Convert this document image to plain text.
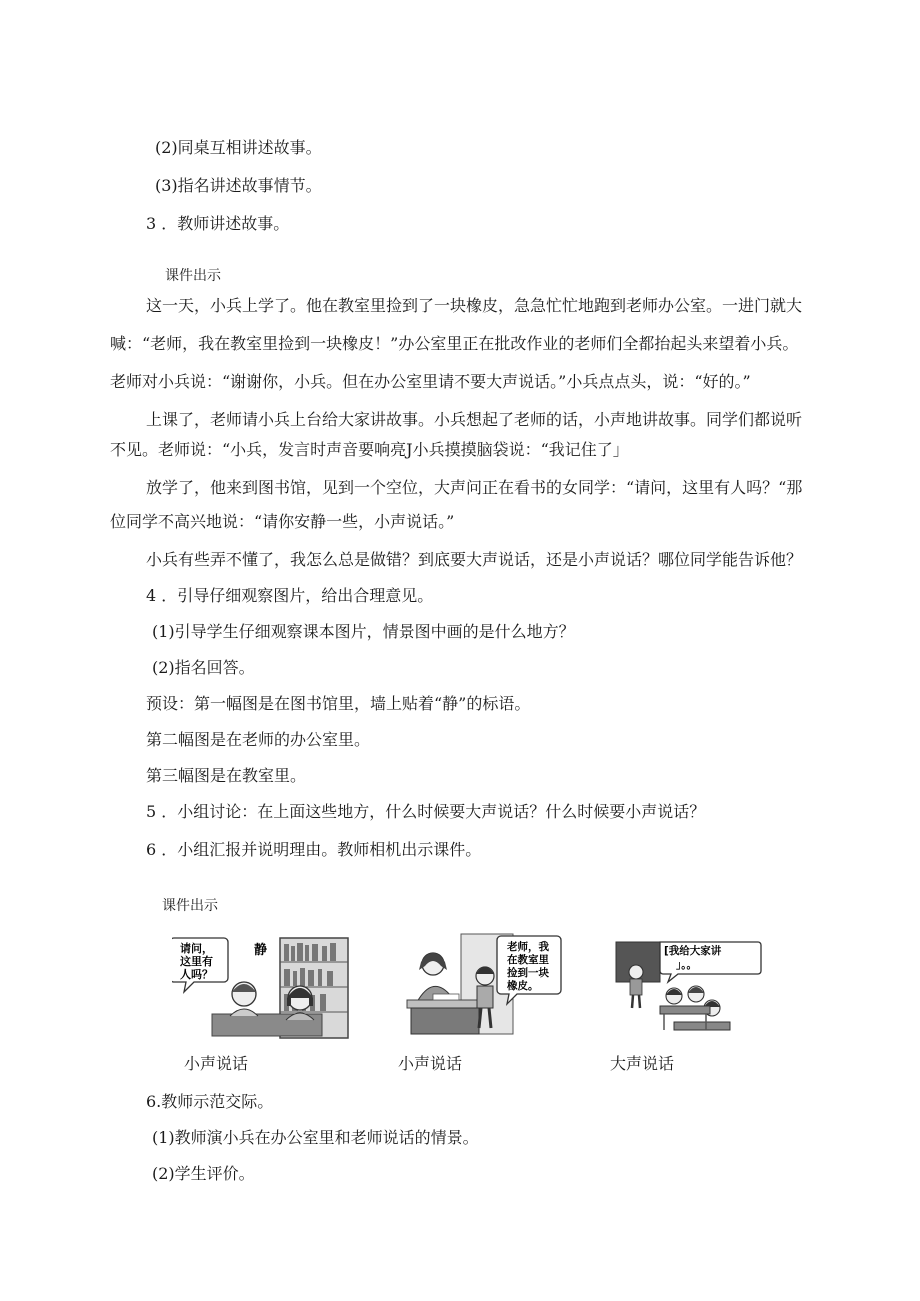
(2)同桌互相讲述故事。
(3)指名讲述故事情节。
3 ．教师讲述故事。
课件出示
这一天，小兵上学了。他在教室里捡到了一块橡皮，急急忙忙地跑到老师办公室。一进门就大
喊：“老师，我在教室里捡到一块橡皮！”办公室里正在批改作业的老师们全都抬起头来望着小兵。
老师对小兵说：“谢谢你，小兵。但在办公室里请不要大声说话。”小兵点点头，说：“好的。”
上课了，老师请小兵上台给大家讲故事。小兵想起了老师的话，小声地讲故事。同学们都说听
不见。老师说：“小兵，发言时声音要响亮J小兵摸摸脑袋说：“我记住了」
放学了，他来到图书馆，见到一个空位，大声问正在看书的女同学：“请问，这里有人吗？“那
位同学不高兴地说：“请你安静一些，小声说话。”
小兵有些弄不懂了，我怎么总是做错？到底要大声说话，还是小声说话？哪位同学能告诉他？
4 ．引导仔细观察图片，给出合理意见。
(1)引导学生仔细观察课本图片，情景图中画的是什么地方？
(2)指名回答。
预设：第一幅图是在图书馆里，墙上贴着“静”的标语。
第二幅图是在老师的办公室里。
第三幅图是在教室里。
5 ．小组讨论：在上面这些地方，什么时候要大声说话？什么时候要小声说话？
6 ．小组汇报并说明理由。教师相机出示课件。
课件出示
请问，
这里有
人吗？
静	老师，我
在教室里
捡到一块
橡皮。
[我给大家讲
」。。
小声说话	小声说话	大声说话
6.教师示范交际。
(1)教师演小兵在办公室里和老师说话的情景。
(2)学生评价。
